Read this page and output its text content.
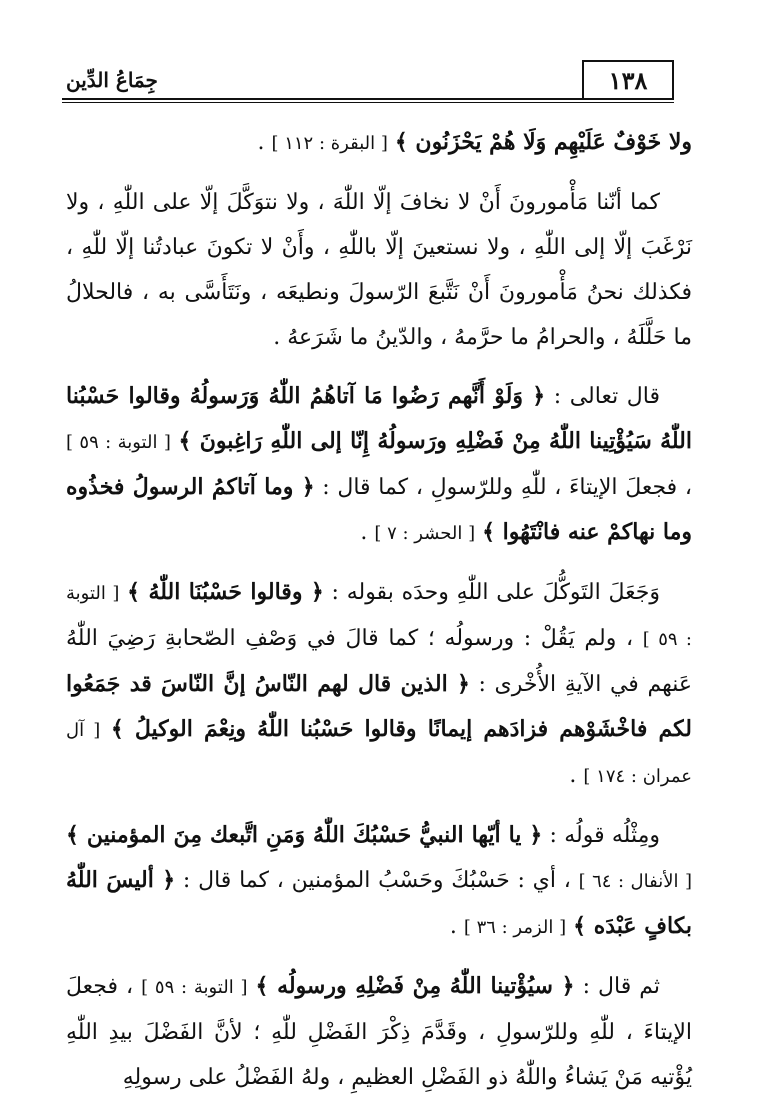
١٣٨
جِمَاعُ الدِّين

ولا خَوْفٌ عَلَيْهِم وَلَا هُمْ يَحْزَنُون ﴾ [ البقرة : ١١٢ ] .

كما أنّنا مَأْمورونَ أَنْ لا نخافَ إلّا اللّٰهَ ، ولا نتوَكَّلَ إلّا على اللّٰهِ ، ولا نَرْغَبَ إلّا إلى اللّٰهِ ، ولا نستعينَ إلّا باللّٰهِ ، وأَنْ لا تكونَ عبادتُنا إلّا للّٰهِ ، فكذلك نحنُ مَأْمورونَ أَنْ نَتَّبعَ الرّسولَ ونطيعَه ، ونَتَأَسَّى به ، فالحلالُ ما حَلَّلَهُ ، والحرامُ ما حرَّمهُ ، والدّينُ ما شَرَعهُ .

قال تعالى : ﴿ وَلَوْ أَنَّهم رَضُوا مَا آتاهُمُ اللّٰهُ وَرَسولُهُ وقالوا حَسْبُنا اللّٰهُ سَيُؤْتِينا اللّٰهُ مِنْ فَضْلِهِ ورَسولُهُ إِنّا إلى اللّٰهِ رَاغِبونَ ﴾ [ التوبة : ٥٩ ] ، فجعلَ الإيتاءَ ، للّٰهِ وللرّسولِ ، كما قال : ﴿ وما آتاكمُ الرسولُ فخذُوه وما نهاكمْ عنه فانْتَهُوا ﴾ [ الحشر : ٧ ] .

وَجَعَلَ التَوكُّلَ على اللّٰهِ وحدَه بقوله : ﴿ وقالوا حَسْبُنَا اللّٰهُ ﴾ [ التوبة : ٥٩ ] ، ولم يَقُلْ : ورسولُه ؛ كما قالَ في وَصْفِ الصّحابةِ رَضِيَ اللّٰهُ عَنهم في الآيةِ الأُخْرى : ﴿ الذين قال لهم النّاسُ إنَّ النّاسَ قد جَمَعُوا لكم فاخْشَوْهم فزادَهم إيمانًا وقالوا حَسْبُنا اللّٰهُ ونِعْمَ الوكيلُ ﴾ [ آل عمران : ١٧٤ ] .

ومِثْلُه قولُه : ﴿ يا أيّها النبيُّ حَسْبُكَ اللّٰهُ وَمَنِ اتَّبعك مِنَ المؤمنين ﴾ [ الأنفال : ٦٤ ] ، أي : حَسْبُكَ وحَسْبُ المؤمنين ، كما قال : ﴿ أليسَ اللّٰهُ بكافٍ عَبْدَه ﴾ [ الزمر : ٣٦ ] .

ثم قال : ﴿ سيُؤْتينا اللّٰهُ مِنْ فَضْلِهِ ورسولُه ﴾ [ التوبة : ٥٩ ] ، فجعلَ الإيتاءَ ، للّٰهِ وللرّسولِ ، وقَدَّمَ ذِكْرَ الفَضْلِ للّٰهِ ؛ لأنَّ الفَضْلَ بيدِ اللّٰهِ يُؤْتيه مَنْ يَشاءُ واللّٰهُ ذو الفَضْلِ العظيمِ ، ولهُ الفَضْلُ على رسولِهِ
